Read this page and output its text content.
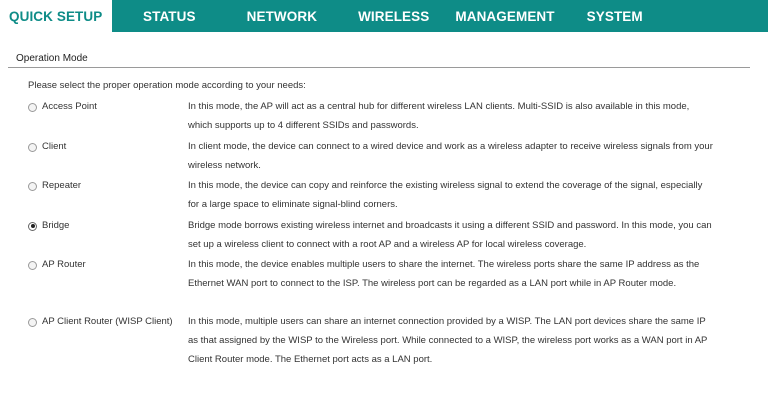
QUICK SETUP	STATUS	NETWORK	WIRELESS MANAGEMENT SYSTEM
Operation Mode
Please select the proper operation mode according to your needs:
Access Point	In this mode, the AP will act as a central hub for different wireless LAN clients. Multi-SSID is also available in this mode, which supports up to 4 different SSIDs and passwords.
Client	In client mode, the device can connect to a wired device and work as a wireless adapter to receive wireless signals from your wireless network.
Repeater	In this mode, the device can copy and reinforce the existing wireless signal to extend the coverage of the signal, especially for a large space to eliminate signal-blind corners.
Bridge	Bridge mode borrows existing wireless internet and broadcasts it using a different SSID and password. In this mode, you can set up a wireless client to connect with a root AP and a wireless AP for local wireless coverage.
AP Router	In this mode, the device enables multiple users to share the internet. The wireless ports share the same IP address as the Ethernet WAN port to connect to the ISP. The wireless port can be regarded as a LAN port while in AP Router mode.
AP Client Router (WISP Client) In this mode, multiple users can share an internet connection provided by a WISP. The LAN port devices share the same IP as that assigned by the WISP to the Wireless port. While connected to a WISP, the wireless port works as a WAN port in AP Client Router mode. The Ethernet port acts as a LAN port.
